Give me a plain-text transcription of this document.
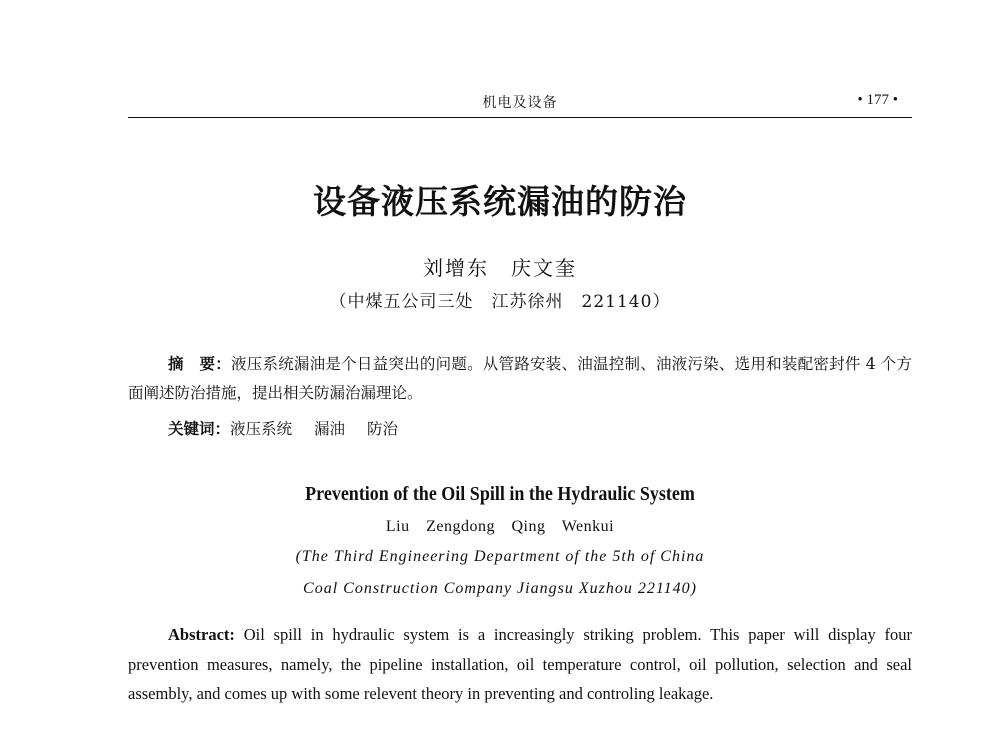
机电及设备	• 177 •
设备液压系统漏油的防治
刘增东　庆文奎
（中煤五公司三处　江苏徐州　221140）
摘　要：液压系统漏油是个日益突出的问题。从管路安装、油温控制、油液污染、选用和装配密封件 4 个方面阐述防治措施，提出相关防漏治漏理论。
关键词：液压系统 漏油 防治
Prevention of the Oil Spill in the Hydraulic System
Liu Zengdong Qing Wenkui
(The Third Engineering Department of the 5th of China
Coal Construction Company Jiangsu Xuzhou 221140)
Abstract: Oil spill in hydraulic system is a increasingly striking problem. This paper will display four prevention measures, namely, the pipeline installation, oil temperature control, oil pollution, selection and seal assembly, and comes up with some relevent theory in preventing and controling leakage.
